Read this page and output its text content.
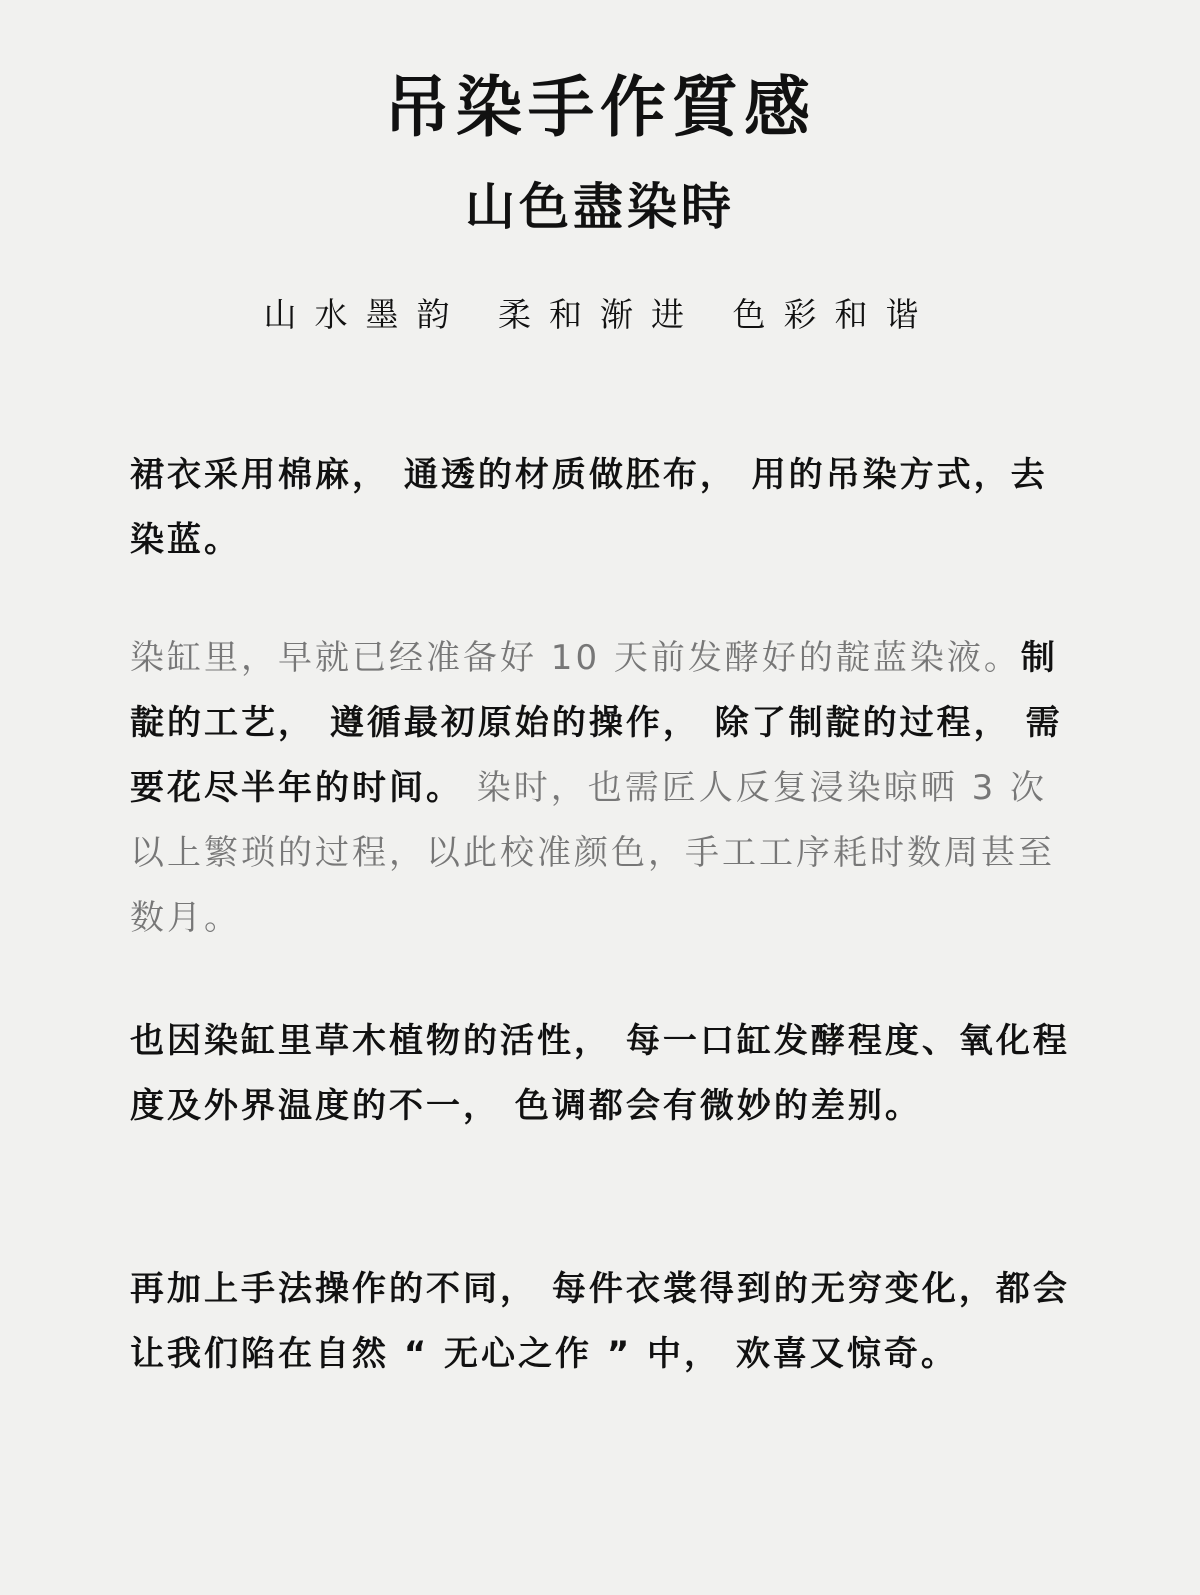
吊染手作質感
山色盡染時
山水墨韵 柔和渐进 色彩和谐

裙衣采用棉麻， 通透的材质做胚布， 用的吊染方式，去染蓝。

染缸里，早就已经准备好 10 天前发酵好的靛蓝染液。制靛的工艺， 遵循最初原始的操作， 除了制靛的过程， 需要花尽半年的时间。 染时，也需匠人反复浸染晾晒 3 次以上繁琐的过程，以此校准颜色，手工工序耗时数周甚至数月。

也因染缸里草木植物的活性， 每一口缸发酵程度、氧化程度及外界温度的不一， 色调都会有微妙的差别。

再加上手法操作的不同， 每件衣裳得到的无穷变化，都会让我们陷在自然 “ 无心之作 ” 中， 欢喜又惊奇。
